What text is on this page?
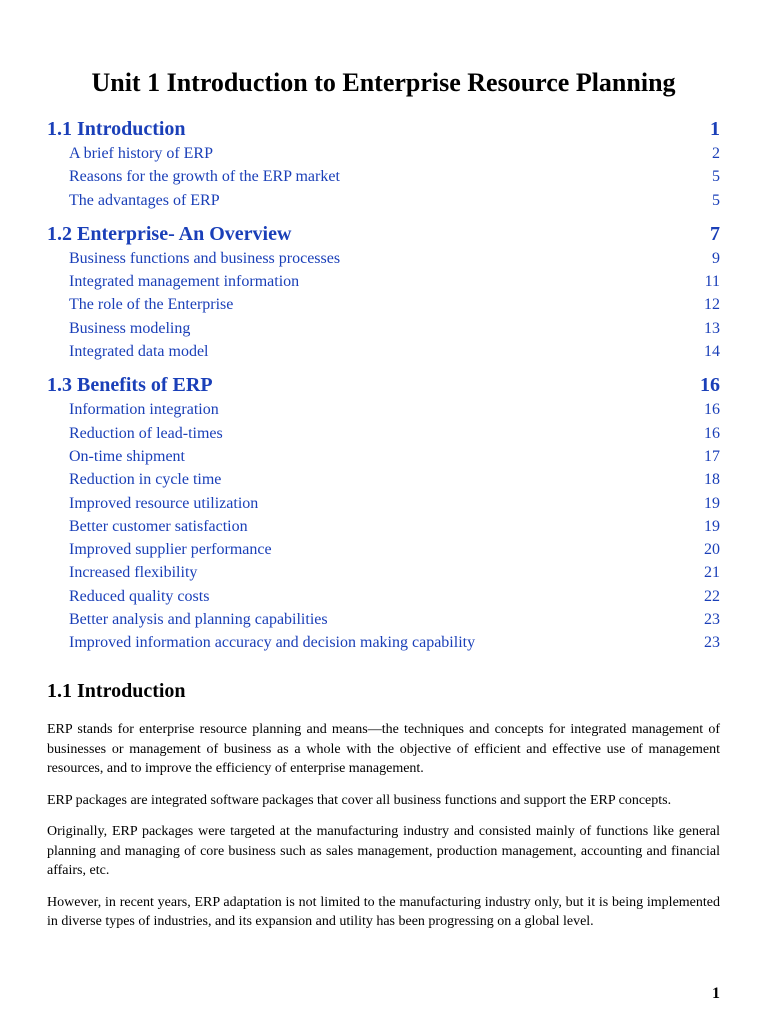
Unit 1 Introduction to Enterprise Resource Planning
1.1 Introduction	1
A brief history of ERP	2
Reasons for the growth of the ERP market	5
The advantages of ERP	5
1.2 Enterprise- An Overview	7
Business functions and business processes	9
Integrated management information	11
The role of the Enterprise	12
Business modeling	13
Integrated data model	14
1.3 Benefits of ERP	16
Information integration	16
Reduction of lead-times	16
On-time shipment	17
Reduction in cycle time	18
Improved resource utilization	19
Better customer satisfaction	19
Improved supplier performance	20
Increased flexibility	21
Reduced quality costs	22
Better analysis and planning capabilities	23
Improved information accuracy and decision making capability	23
1.1 Introduction

ERP stands for enterprise resource planning and means—the techniques and concepts for integrated management of businesses or management of business as a whole with the objective of efficient and effective use of management resources, and to improve the efficiency of enterprise management.

ERP packages are integrated software packages that cover all business functions and support the ERP concepts.

Originally, ERP packages were targeted at the manufacturing industry and consisted mainly of functions like general planning and managing of core business such as sales management, production management, accounting and financial affairs, etc.

However, in recent years, ERP adaptation is not limited to the manufacturing industry only, but it is being implemented in diverse types of industries, and its expansion and utility has been progressing on a global level.

1
